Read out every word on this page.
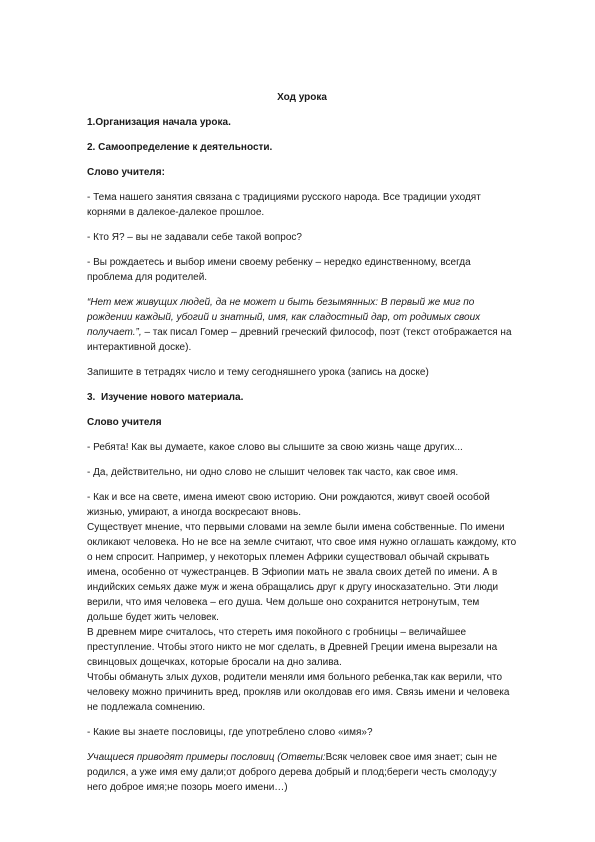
Ход урока
1.Организация начала урока.
2. Самоопределение к деятельности.
Слово учителя:

- Тема нашего занятия связана с традициями русского народа. Все традиции уходят корнями в далекое-далекое прошлое.

- Кто Я? – вы не задавали себе такой вопрос?

- Вы рождаетесь и выбор имени своему ребенку – нередко единственному, всегда проблема для родителей.

“Нет меж живущих людей, да не может и быть безымянных: В первый же миг по рождении каждый, убогий и знатный, имя, как сладостный дар, от родимых своих получает.”, – так писал Гомер – древний греческий философ, поэт (текст отображается на интерактивной доске).

Запишите в тетрадях число и тему сегодняшнего урока (запись на доске)

3. Изучение нового материала.
Слово учителя

- Ребята! Как вы думаете, какое слово вы слышите за свою жизнь чаще других...

- Да, действительно, ни одно слово не слышит человек так часто, как свое имя.

- Как и все на свете, имена имеют свою историю. Они рождаются, живут своей особой жизнью, умирают, а иногда воскресают вновь.

Существует мнение, что первыми словами на земле были имена собственные. По имени окликают человека. Но не все на земле считают, что свое имя нужно оглашать каждому, кто о нем спросит. Например, у некоторых племен Африки существовал обычай скрывать имена, особенно от чужестранцев. В Эфиопии мать не звала своих детей по имени. А в индийских семьях даже муж и жена обращались друг к другу иносказательно. Эти люди верили, что имя человека – его душа. Чем дольше оно сохранится нетронутым, тем дольше будет жить человек.

В древнем мире считалось, что стереть имя покойного с гробницы – величайшее преступление. Чтобы этого никто не мог сделать, в Древней Греции имена вырезали на свинцовых дощечках, которые бросали на дно залива.

Чтобы обмануть злых духов, родители меняли имя больного ребенка,так как верили, что человеку можно причинить вред, прокляв или околдовав его имя. Связь имени и человека не подлежала сомнению.

- Какие вы знаете пословицы, где употреблено слово «имя»?

Учащиеся приводят примеры пословиц (Ответы:Всяк человек свое имя знает; сын не родился, а уже имя ему дали;от доброго дерева добрый и плод;береги честь смолоду;у него доброе имя;не позорь моего имени…)
